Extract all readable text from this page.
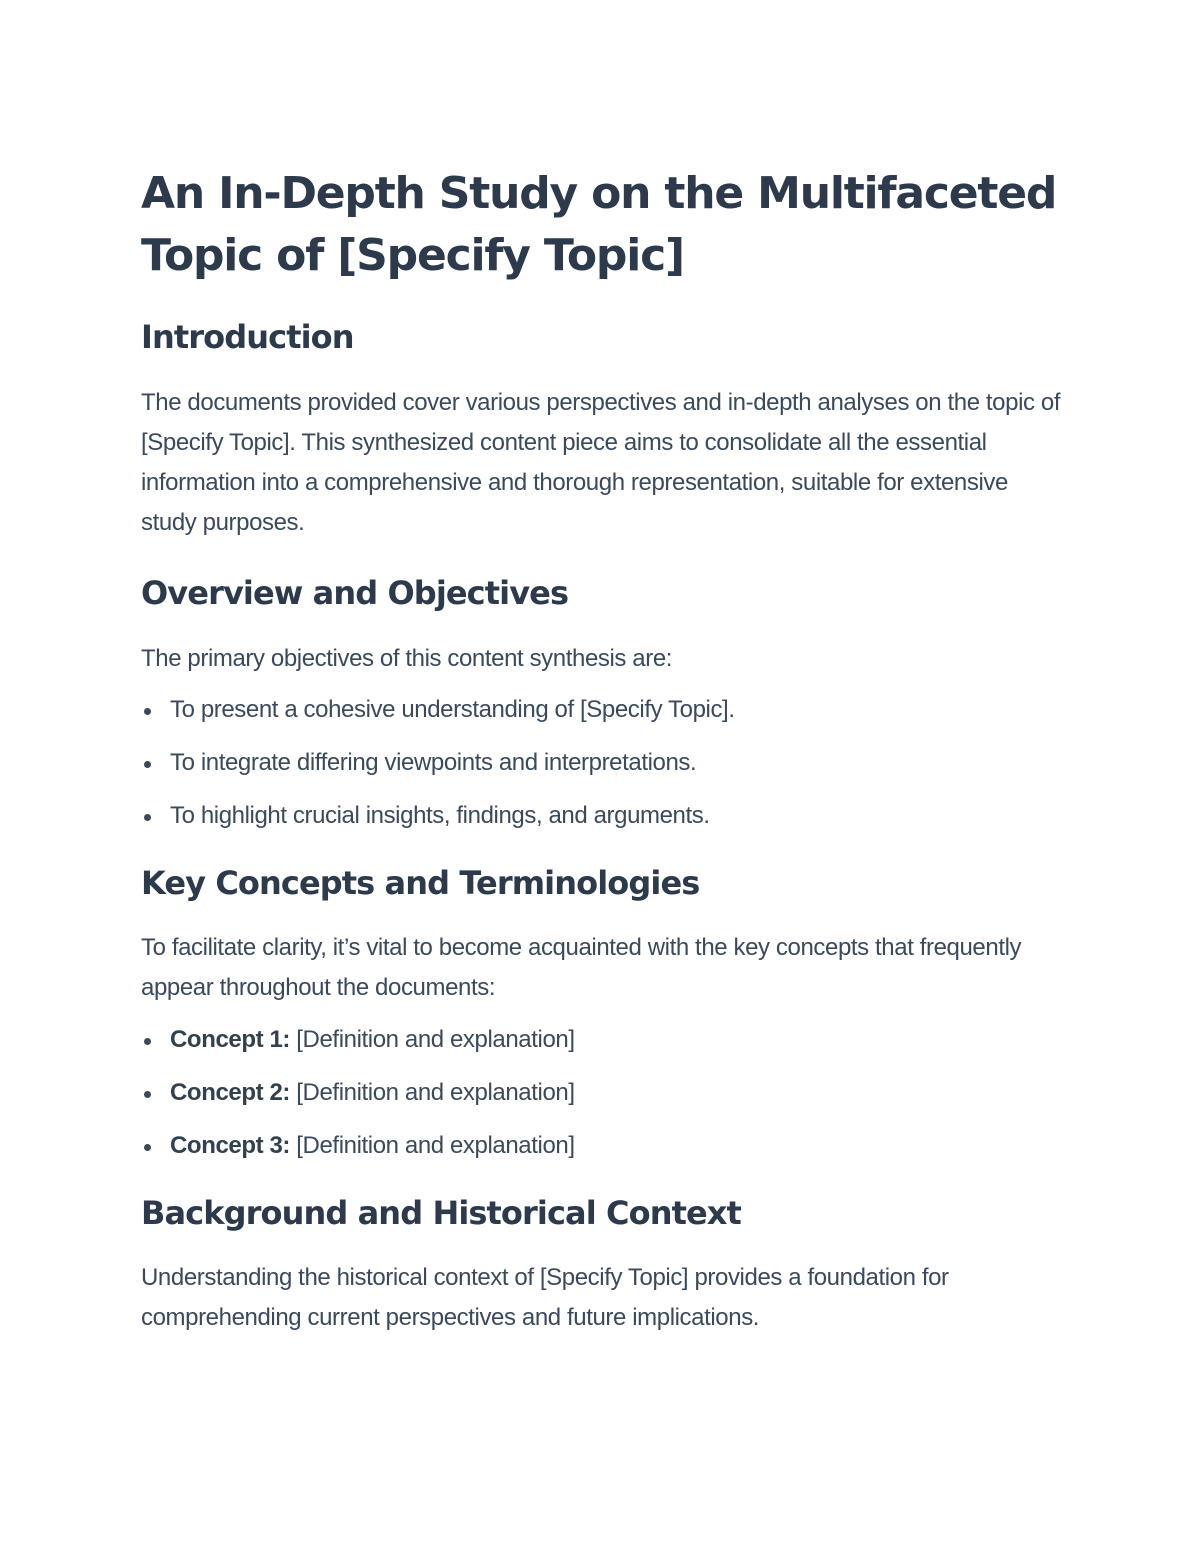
An In-Depth Study on the Multifaceted Topic of [Specify Topic]
Introduction

The documents provided cover various perspectives and in-depth analyses on the topic of [Specify Topic]. This synthesized content piece aims to consolidate all the essential information into a comprehensive and thorough representation, suitable for extensive study purposes.

Overview and Objectives

The primary objectives of this content synthesis are:

To present a cohesive understanding of [Specify Topic].
To integrate differing viewpoints and interpretations.
To highlight crucial insights, findings, and arguments.
Key Concepts and Terminologies

To facilitate clarity, it’s vital to become acquainted with the key concepts that frequently appear throughout the documents:

Concept 1: [Definition and explanation]
Concept 2: [Definition and explanation]
Concept 3: [Definition and explanation]
Background and Historical Context

Understanding the historical context of [Specify Topic] provides a foundation for comprehending current perspectives and future implications.
